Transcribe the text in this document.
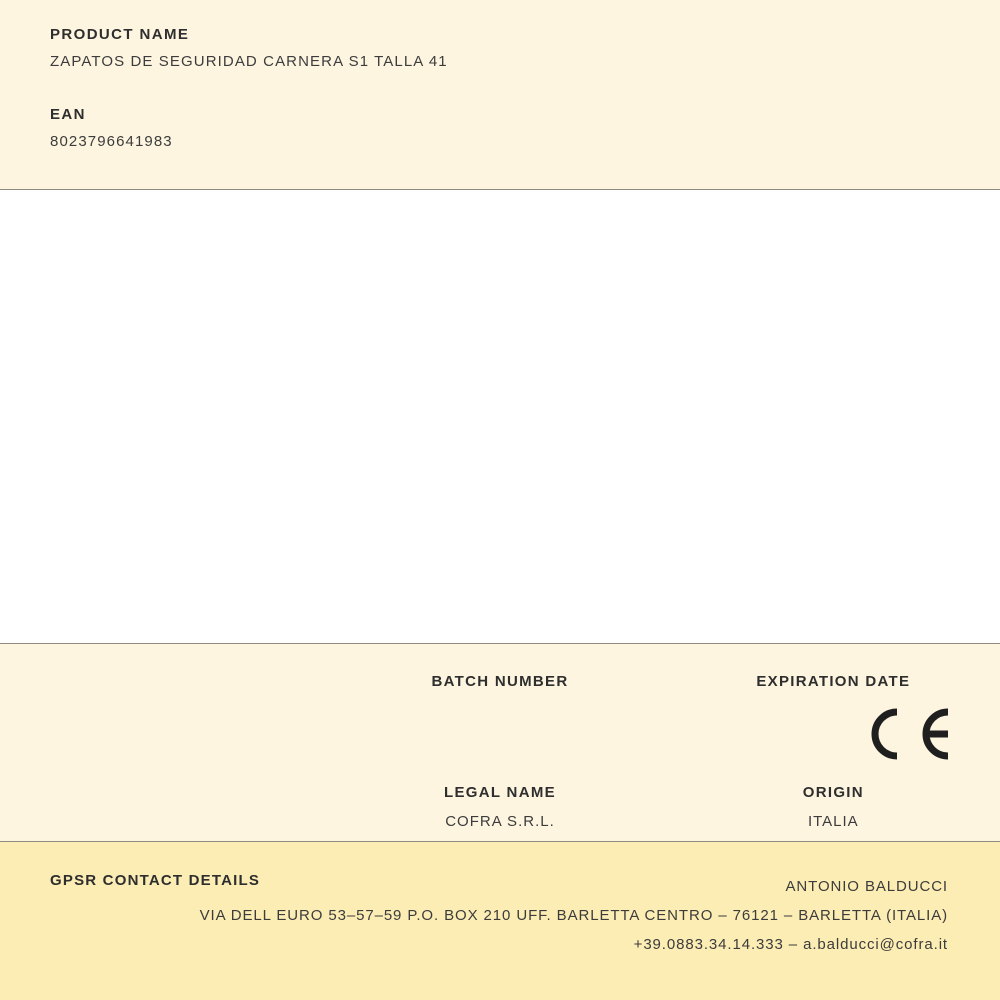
PRODUCT NAME

ZAPATOS DE SEGURIDAD CARNERA S1 TALLA 41

EAN

8023796641983

BATCH NUMBER	EXPIRATION DATE

LEGAL NAME

COFRA S.R.L.

ORIGIN

ITALIA

GPSR CONTACT DETAILS	ANTONIO BALDUCCI
VIA DELL EURO 53–57–59 P.O. BOX 210 UFF. BARLETTA CENTRO – 76121 – BARLETTA (ITALIA)
+39.0883.34.14.333 – a.balducci@cofra.it
